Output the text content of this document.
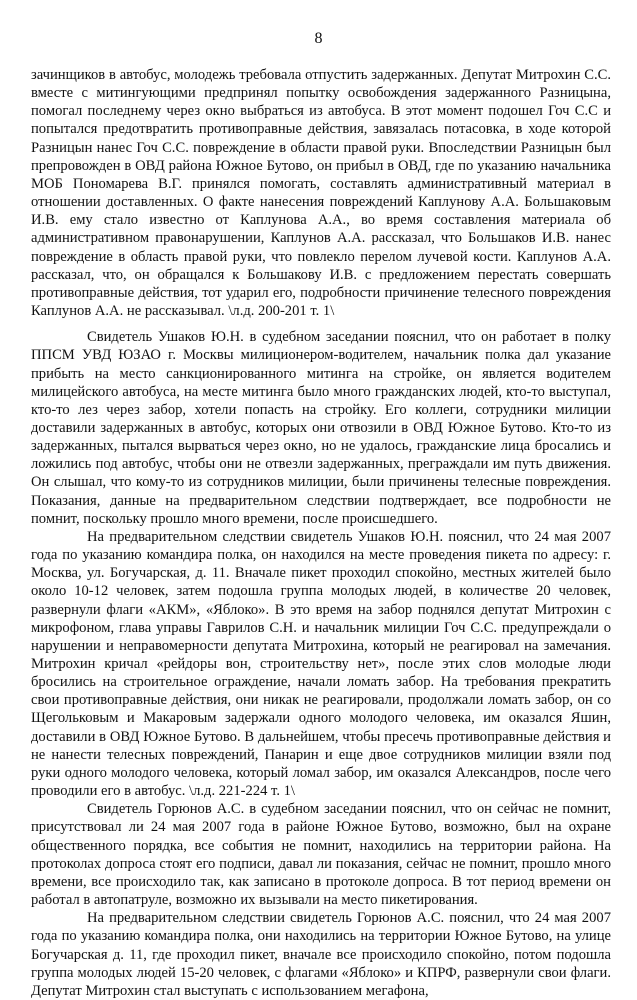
8

зачинщиков в автобус, молодежь требовала отпустить задержанных. Депутат Митрохин С.С. вместе с митингующими предпринял попытку освобождения задержанного Разницына, помогал последнему через окно выбраться из автобуса. В этот момент подошел Гоч С.С и попытался предотвратить противоправные действия, завязалась потасовка, в ходе которой Разницын нанес Гоч С.С. повреждение в области правой руки. Впоследствии Разницын был препровожден в ОВД района Южное Бутово, он прибыл в ОВД, где по указанию начальника МОБ Пономарева В.Г. принялся помогать, составлять административный материал в отношении доставленных. О факте нанесения повреждений Каплунову А.А. Большаковым И.В. ему стало известно от Каплунова А.А., во время составления материала об административном правонарушении, Каплунов А.А. рассказал, что Большаков И.В. нанес повреждение в область правой руки, что повлекло перелом лучевой кости. Каплунов А.А. рассказал, что, он обращался к Большакову И.В. с предложением перестать совершать противоправные действия, тот ударил его, подробности причинение телесного повреждения Каплунов А.А. не рассказывал. \л.д. 200-201 т. 1\

Свидетель Ушаков Ю.Н. в судебном заседании пояснил, что он работает в полку ППСМ УВД ЮЗАО г. Москвы милиционером-водителем, начальник полка дал указание прибыть на место санкционированного митинга на стройке, он является водителем милицейского автобуса, на месте митинга было много гражданских людей, кто-то выступал, кто-то лез через забор, хотели попасть на стройку. Его коллеги, сотрудники милиции доставили задержанных в автобус, которых они отвозили в ОВД Южное Бутово. Кто-то из задержанных, пытался вырваться через окно, но не удалось, гражданские лица бросались и ложились под автобус, чтобы они не отвезли задержанных, преграждали им путь движения. Он слышал, что кому-то из сотрудников милиции, были причинены телесные повреждения. Показания, данные на предварительном следствии подтверждает, все подробности не помнит, поскольку прошло много времени, после происшедшего.

На предварительном следствии свидетель Ушаков Ю.Н. пояснил, что 24 мая 2007 года по указанию командира полка, он находился на месте проведения пикета по адресу: г. Москва, ул. Богучарская, д. 11. Вначале пикет проходил спокойно, местных жителей было около 10-12 человек, затем подошла группа молодых людей, в количестве 20 человек, развернули флаги «АКМ», «Яблоко». В это время на забор поднялся депутат Митрохин с микрофоном, глава управы Гаврилов С.Н. и начальник милиции Гоч С.С. предупреждали о нарушении и неправомерности депутата Митрохина, который не реагировал на замечания. Митрохин кричал «рейдоры вон, строительству нет», после этих слов молодые люди бросились на строительное ограждение, начали ломать забор. На требования прекратить свои противоправные действия, они никак не реагировали, продолжали ломать забор, он со Щегольковым и Макаровым задержали одного молодого человека, им оказался Яшин, доставили в ОВД Южное Бутово. В дальнейшем, чтобы пресечь противоправные действия и не нанести телесных повреждений, Панарин и еще двое сотрудников милиции взяли под руки одного молодого человека, который ломал забор, им оказался Александров, после чего проводили его в автобус. \л.д. 221-224 т. 1\

Свидетель Горюнов А.С. в судебном заседании пояснил, что он сейчас не помнит, присутствовал ли 24 мая 2007 года в районе Южное Бутово, возможно, был на охране общественного порядка, все события не помнит, находились на территории района. На протоколах допроса стоят его подписи, давал ли показания, сейчас не помнит, прошло много времени, все происходило так, как записано в протоколе допроса. В тот период времени он работал в автопатруле, возможно их вызывали на место пикетирования.

На предварительном следствии свидетель Горюнов А.С. пояснил, что 24 мая 2007 года по указанию командира полка, они находились на территории Южное Бутово, на улице Богучарская д. 11, где проходил пикет, вначале все происходило спокойно, потом подошла группа молодых людей 15-20 человек, с флагами «Яблоко» и КПРФ, развернули свои флаги. Депутат Митрохин стал выступать с использованием мегафона,
